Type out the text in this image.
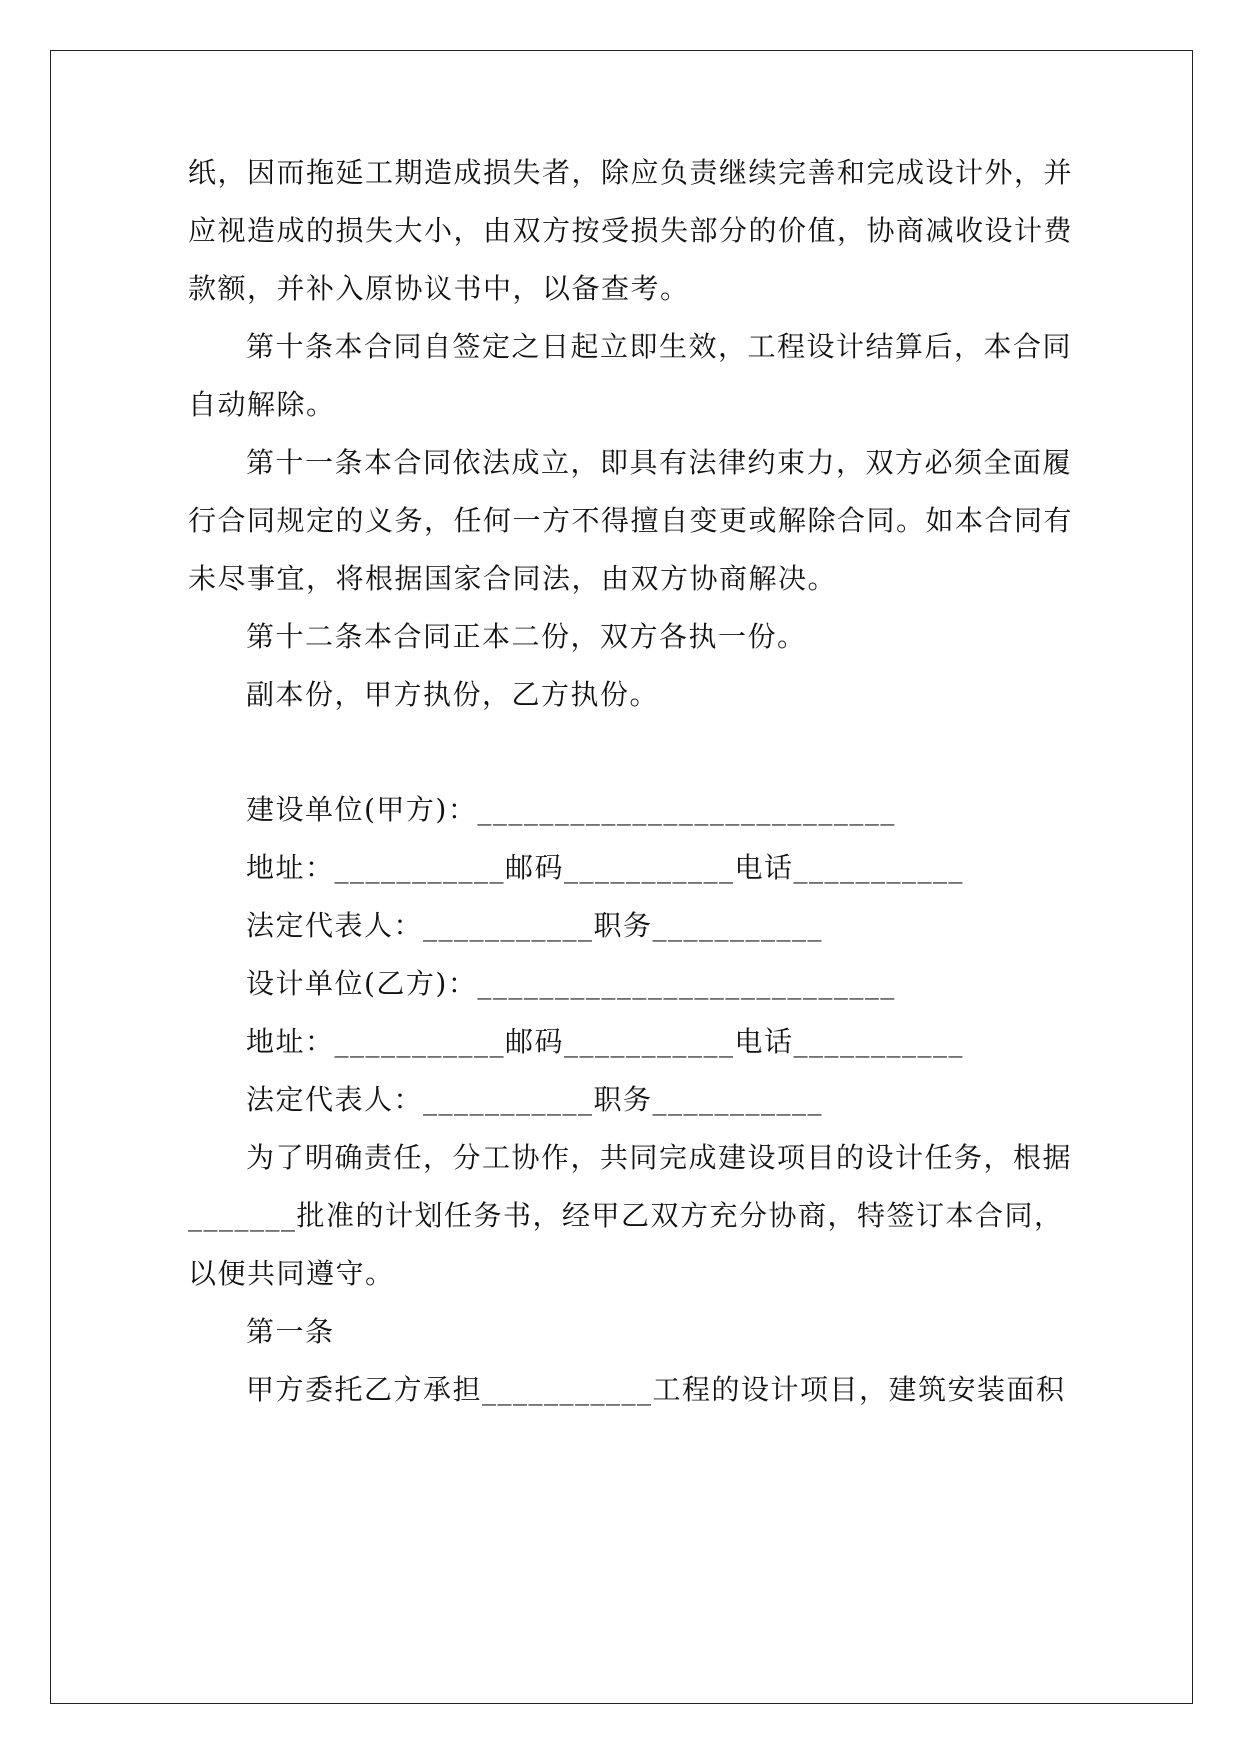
纸，因而拖延工期造成损失者，除应负责继续完善和完成设计外，并
应视造成的损失大小，由双方按受损失部分的价值，协商减收设计费
款额，并补入原协议书中，以备查考。
第十条本合同自签定之日起立即生效，工程设计结算后，本合同
自动解除。
第十一条本合同依法成立，即具有法律约束力，双方必须全面履
行合同规定的义务，任何一方不得擅自变更或解除合同。如本合同有
未尽事宜，将根据国家合同法，由双方协商解决。
第十二条本合同正本二份，双方各执一份。
副本份，甲方执份，乙方执份。
建设单位(甲方)：___________________________
地址：___________邮码___________电话___________
法定代表人：___________职务___________
设计单位(乙方)：___________________________
地址：___________邮码___________电话___________
法定代表人：___________职务___________
为了明确责任，分工协作，共同完成建设项目的设计任务，根据
_______批准的计划任务书，经甲乙双方充分协商，特签订本合同，
以便共同遵守。
第一条
甲方委托乙方承担___________工程的设计项目，建筑安装面积
